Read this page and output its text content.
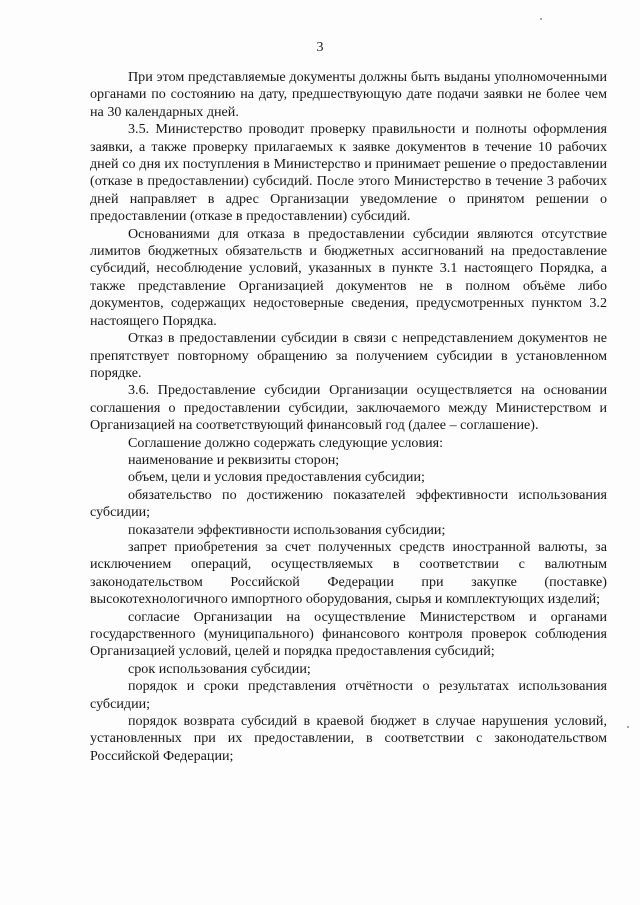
3

При этом представляемые документы должны быть выданы уполномоченными органами по состоянию на дату, предшествующую дате подачи заявки не более чем на 30 календарных дней.

3.5. Министерство проводит проверку правильности и полноты оформления заявки, а также проверку прилагаемых к заявке документов в течение 10 рабочих дней со дня их поступления в Министерство и принимает решение о предоставлении (отказе в предоставлении) субсидий. После этого Министерство в течение 3 рабочих дней направляет в адрес Организации уведомление о принятом решении о предоставлении (отказе в предоставлении) субсидий.

Основаниями для отказа в предоставлении субсидии являются отсутствие лимитов бюджетных обязательств и бюджетных ассигнований на предоставление субсидий, несоблюдение условий, указанных в пункте 3.1 настоящего Порядка, а также представление Организацией документов не в полном объёме либо документов, содержащих недостоверные сведения, предусмотренных пунктом 3.2 настоящего Порядка.

Отказ в предоставлении субсидии в связи с непредставлением документов не препятствует повторному обращению за получением субсидии в установленном порядке.

3.6. Предоставление субсидии Организации осуществляется на основании соглашения о предоставлении субсидии, заключаемого между Министерством и Организацией на соответствующий финансовый год (далее – соглашение).

Соглашение должно содержать следующие условия:

наименование и реквизиты сторон;

объем, цели и условия предоставления субсидии;

обязательство по достижению показателей эффективности использования субсидии;

показатели эффективности использования субсидии;

запрет приобретения за счет полученных средств иностранной валюты, за исключением операций, осуществляемых в соответствии с валютным законодательством Российской Федерации при закупке (поставке) высокотехнологичного импортного оборудования, сырья и комплектующих изделий;

согласие Организации на осуществление Министерством и органами государственного (муниципального) финансового контроля проверок соблюдения Организацией условий, целей и порядка предоставления субсидий;

срок использования субсидии;

порядок и сроки представления отчётности о результатах использования субсидии;

порядок возврата субсидий в краевой бюджет в случае нарушения условий, установленных при их предоставлении, в соответствии с законодательством Российской Федерации;
